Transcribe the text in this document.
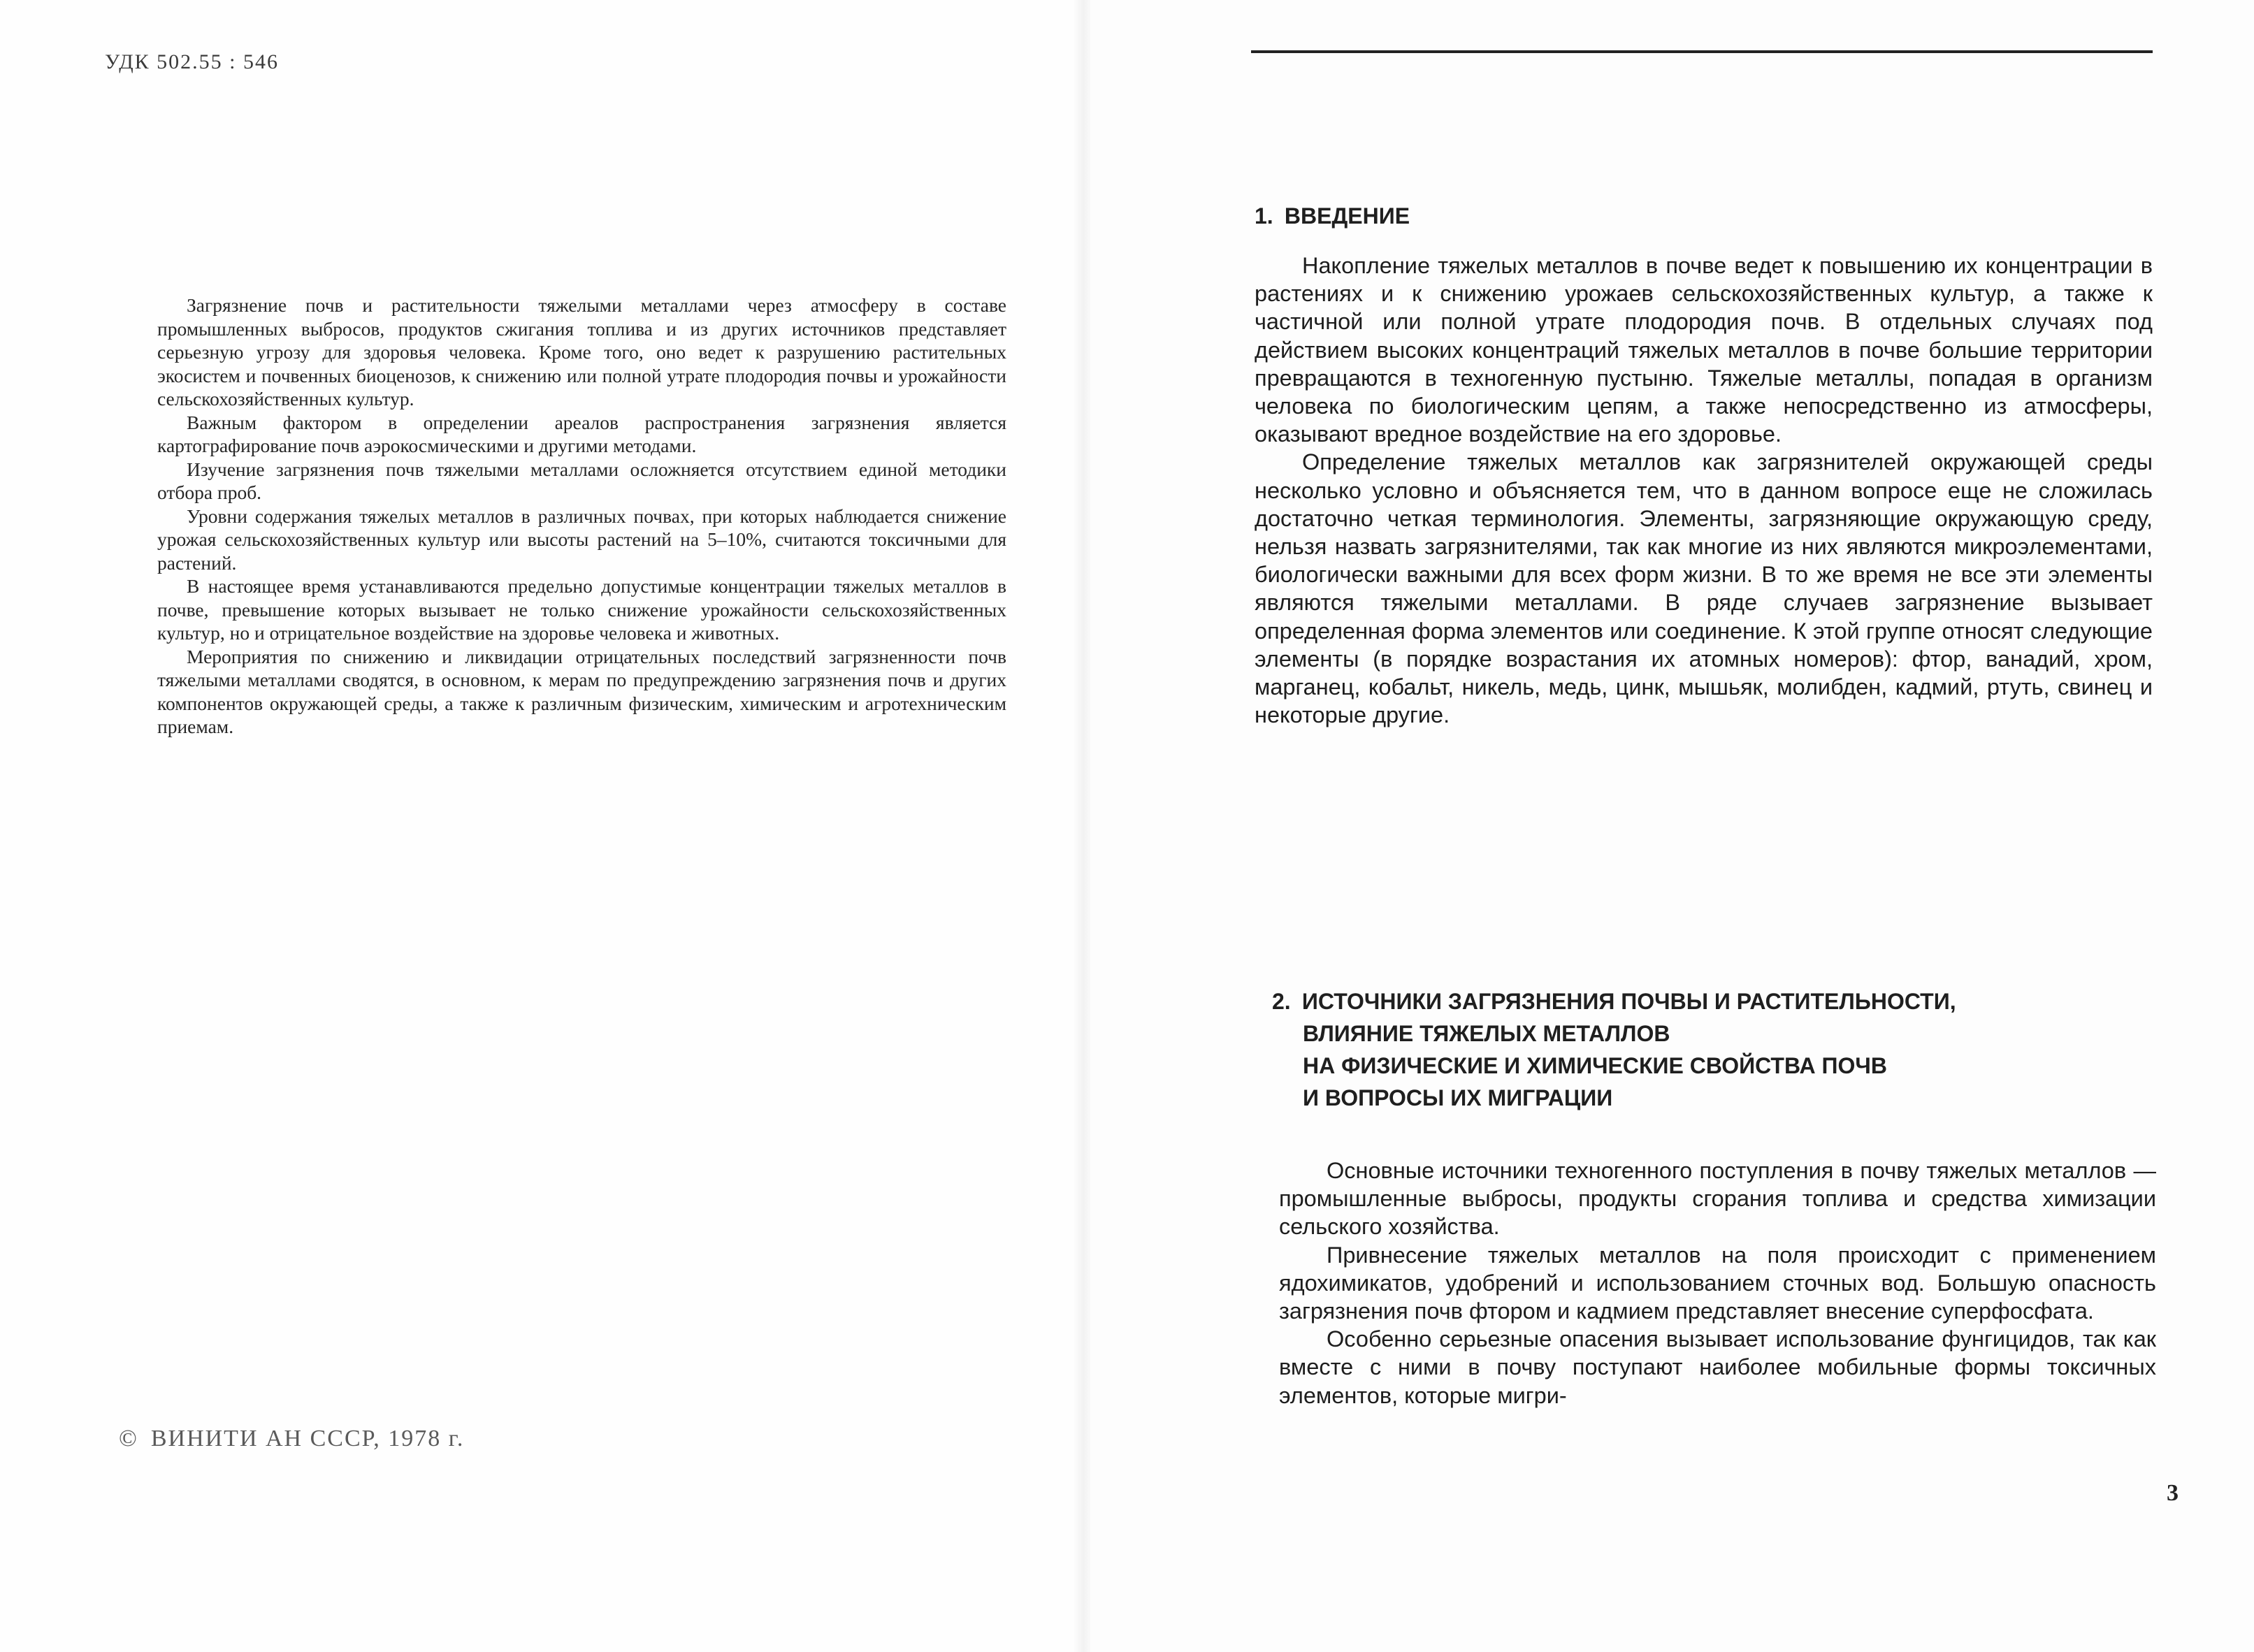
УДК 502.55 : 546

Загрязнение почв и растительности тяжелыми металлами через атмосферу в составе промышленных выбросов, продуктов сжигания топлива и из других источников представляет серьезную угрозу для здоровья человека. Кроме того, оно ведет к разрушению растительных экосистем и почвенных биоценозов, к снижению или полной утрате плодородия почвы и урожайности сельскохозяйственных культур.

Важным фактором в определении ареалов распространения загрязнения является картографирование почв аэрокосмическими и другими методами.

Изучение загрязнения почв тяжелыми металлами осложняется отсутствием единой методики отбора проб.

Уровни содержания тяжелых металлов в различных почвах, при которых наблюдается снижение урожая сельскохозяйственных культур или высоты растений на 5–10%, считаются токсичными для растений.

В настоящее время устанавливаются предельно допустимые концентрации тяжелых металлов в почве, превышение которых вызывает не только снижение урожайности сельскохозяйственных культур, но и отрицательное воздействие на здоровье человека и животных.

Мероприятия по снижению и ликвидации отрицательных последствий загрязненности почв тяжелыми металлами сводятся, в основном, к мерам по предупреждению загрязнения почв и других компонентов окружающей среды, а также к различным физическим, химическим и агротехническим приемам.

© ВИНИТИ АН СССР, 1978 г.
1. ВВЕДЕНИЕ

Накопление тяжелых металлов в почве ведет к повышению их концентрации в растениях и к снижению урожаев сельскохозяйственных культур, а также к частичной или полной утрате плодородия почв. В отдельных случаях под действием высоких концентраций тяжелых металлов в почве большие территории превращаются в техногенную пустыню. Тяжелые металлы, попадая в организм человека по биологическим цепям, а также непосредственно из атмосферы, оказывают вредное воздействие на его здоровье.

Определение тяжелых металлов как загрязнителей окружающей среды несколько условно и объясняется тем, что в данном вопросе еще не сложилась достаточно четкая терминология. Элементы, загрязняющие окружающую среду, нельзя назвать загрязнителями, так как многие из них являются микроэлементами, биологически важными для всех форм жизни. В то же время не все эти элементы являются тяжелыми металлами. В ряде случаев загрязнение вызывает определенная форма элементов или соединение. К этой группе относят следующие элементы (в порядке возрастания их атомных номеров): фтор, ванадий, хром, марганец, кобальт, никель, медь, цинк, мышьяк, молибден, кадмий, ртуть, свинец и некоторые другие.

2. ИСТОЧНИКИ ЗАГРЯЗНЕНИЯ ПОЧВЫ И РАСТИТЕЛЬНОСТИ,
ВЛИЯНИЕ ТЯЖЕЛЫХ МЕТАЛЛОВ
НА ФИЗИЧЕСКИЕ И ХИМИЧЕСКИЕ СВОЙСТВА ПОЧВ
И ВОПРОСЫ ИХ МИГРАЦИИ

Основные источники техногенного поступления в почву тяжелых металлов — промышленные выбросы, продукты сгорания топлива и средства химизации сельского хозяйства.

Привнесение тяжелых металлов на поля происходит с применением ядохимикатов, удобрений и использованием сточных вод. Большую опасность загрязнения почв фтором и кадмием представляет внесение суперфосфата.

Особенно серьезные опасения вызывает использование фунгицидов, так как вместе с ними в почву поступают наиболее мобильные формы токсичных элементов, которые мигри-

3
